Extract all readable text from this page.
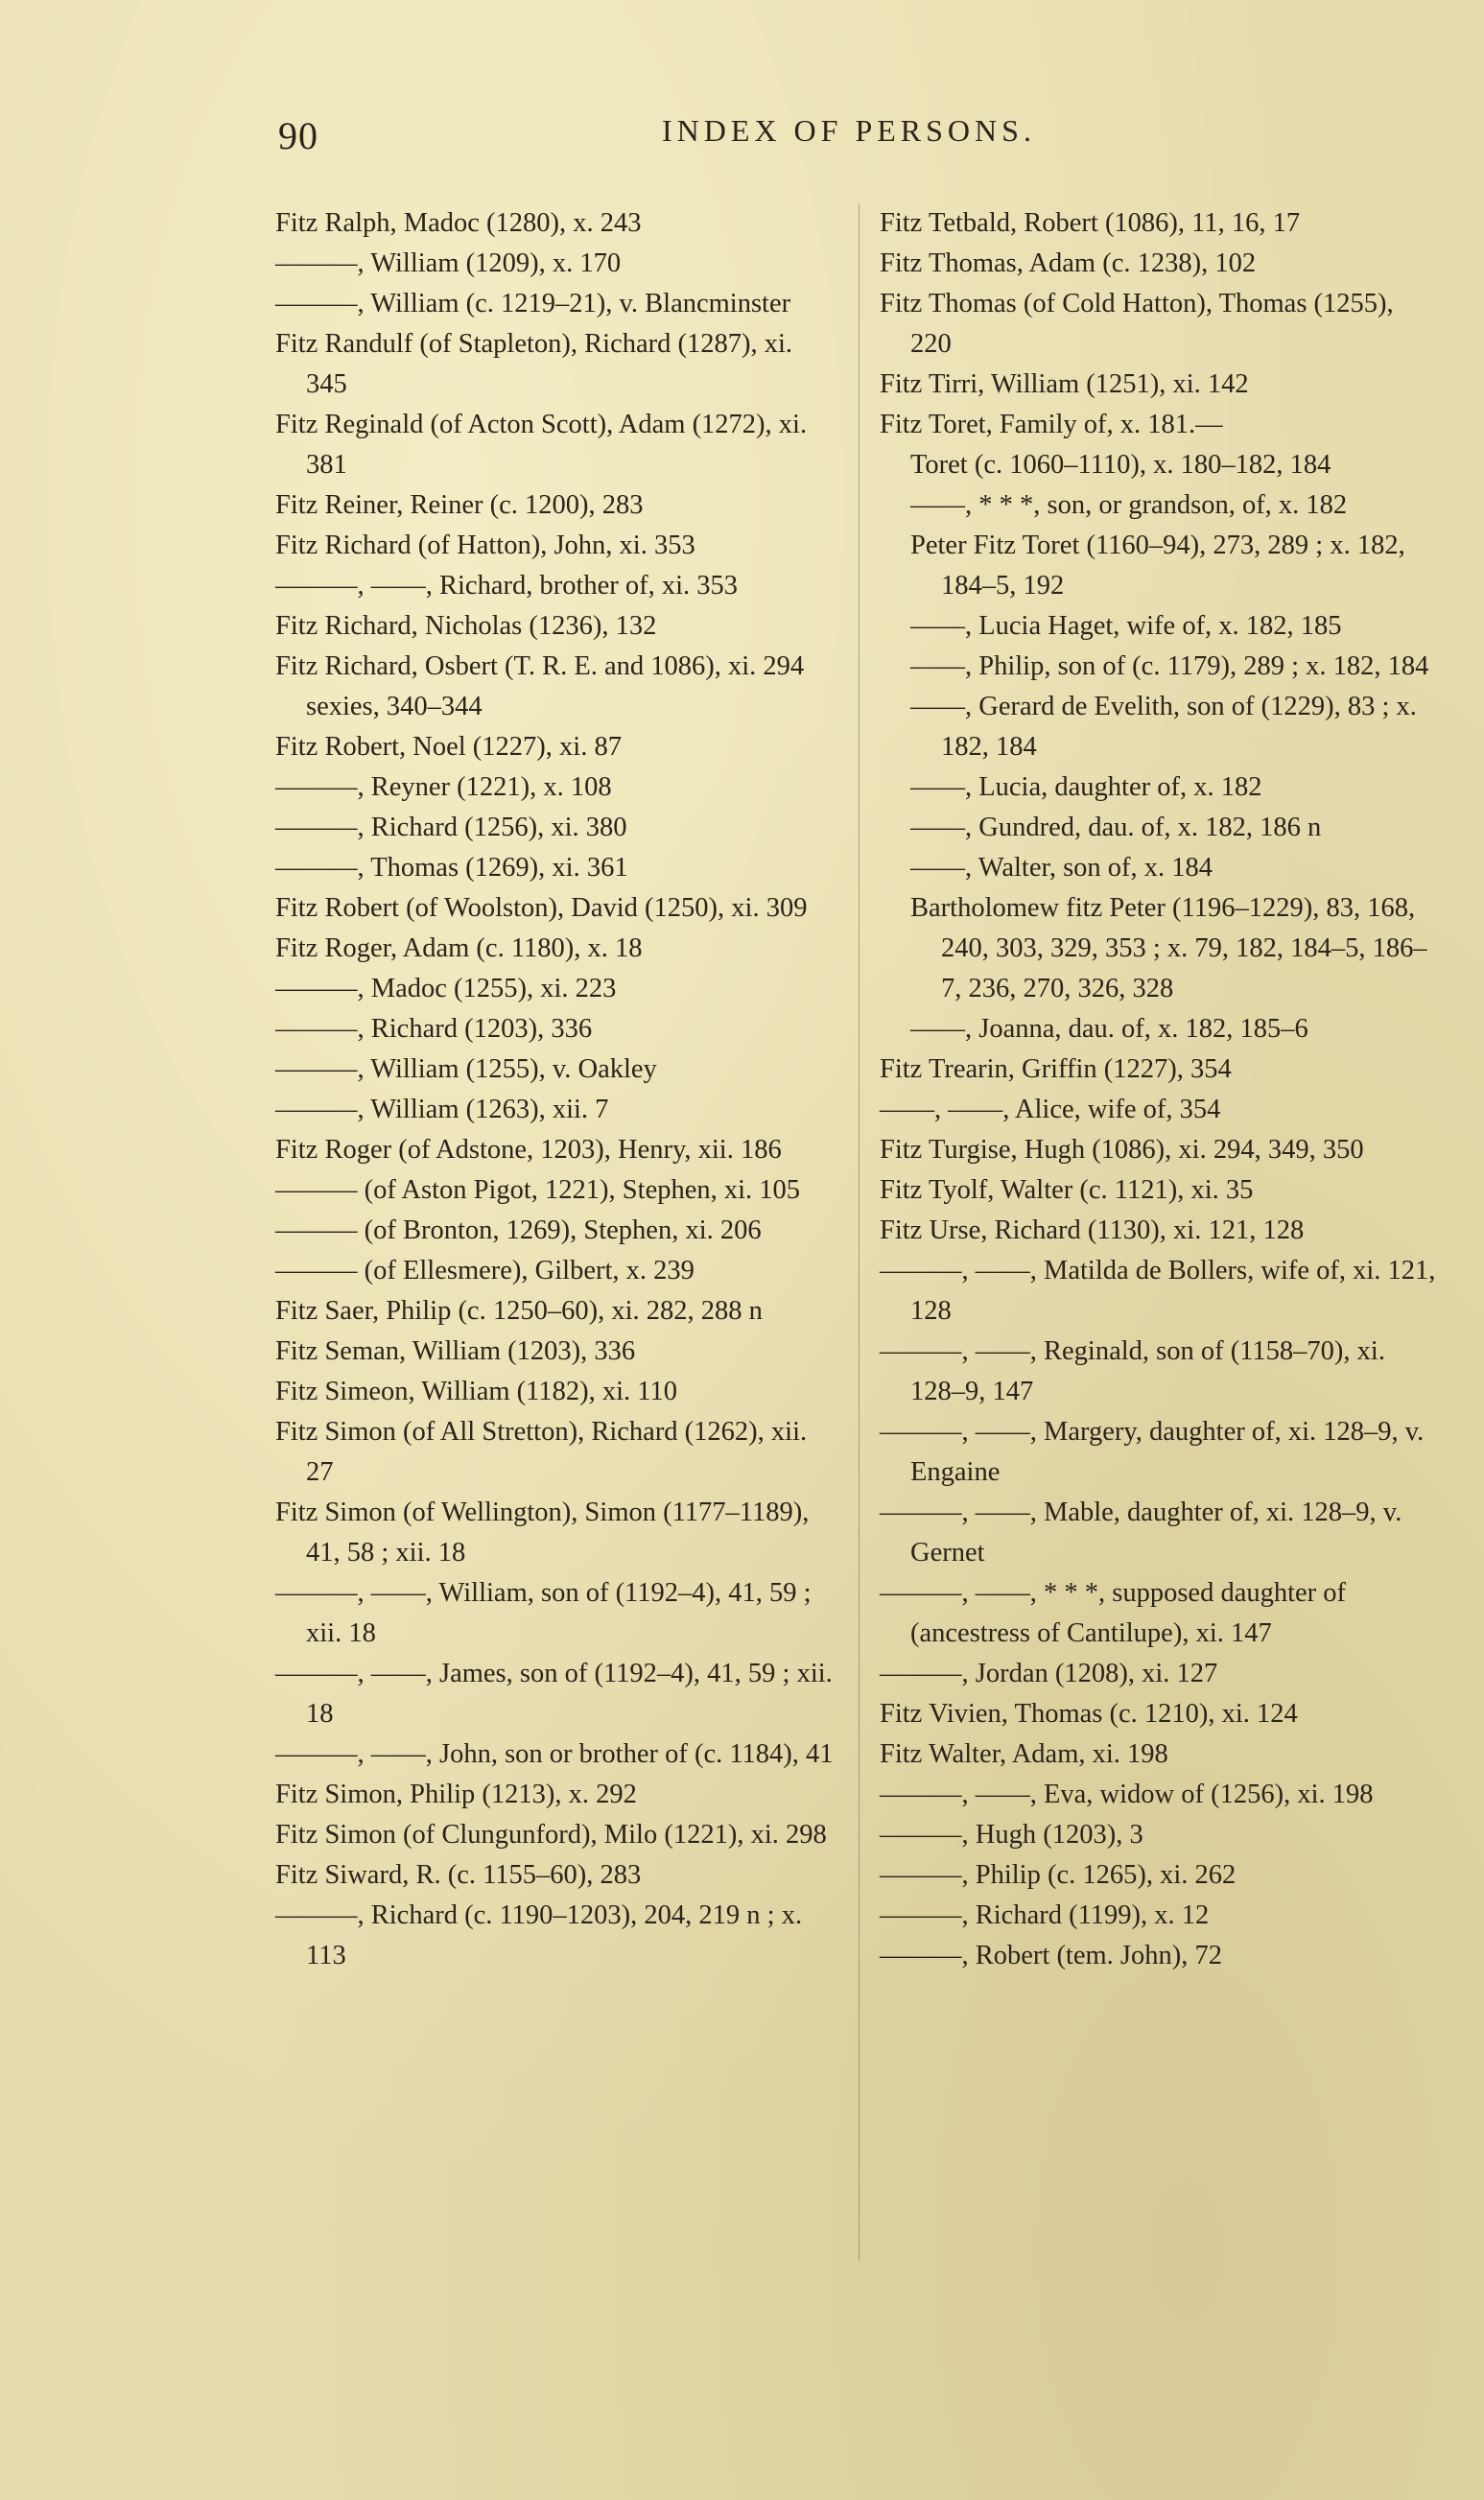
90	INDEX OF PERSONS.
Fitz Ralph, Madoc (1280), x. 243
———, William (1209), x. 170
———, William (c. 1219–21), v. Blancminster
Fitz Randulf (of Stapleton), Richard (1287), xi. 345
Fitz Reginald (of Acton Scott), Adam (1272), xi. 381
Fitz Reiner, Reiner (c. 1200), 283
Fitz Richard (of Hatton), John, xi. 353
———, ——, Richard, brother of, xi. 353
Fitz Richard, Nicholas (1236), 132
Fitz Richard, Osbert (T. R. E. and 1086), xi. 294 sexies, 340–344
Fitz Robert, Noel (1227), xi. 87
———, Reyner (1221), x. 108
———, Richard (1256), xi. 380
———, Thomas (1269), xi. 361
Fitz Robert (of Woolston), David (1250), xi. 309
Fitz Roger, Adam (c. 1180), x. 18
———, Madoc (1255), xi. 223
———, Richard (1203), 336
———, William (1255), v. Oakley
———, William (1263), xii. 7
Fitz Roger (of Adstone, 1203), Henry, xii. 186
——— (of Aston Pigot, 1221), Stephen, xi. 105
——— (of Bronton, 1269), Stephen, xi. 206
——— (of Ellesmere), Gilbert, x. 239
Fitz Saer, Philip (c. 1250–60), xi. 282, 288 n
Fitz Seman, William (1203), 336
Fitz Simeon, William (1182), xi. 110
Fitz Simon (of All Stretton), Richard (1262), xii. 27
Fitz Simon (of Wellington), Simon (1177–1189), 41, 58 ; xii. 18
———, ——, William, son of (1192–4), 41, 59 ; xii. 18
———, ——, James, son of (1192–4), 41, 59 ; xii. 18
———, ——, John, son or brother of (c. 1184), 41
Fitz Simon, Philip (1213), x. 292
Fitz Simon (of Clungunford), Milo (1221), xi. 298
Fitz Siward, R. (c. 1155–60), 283
———, Richard (c. 1190–1203), 204, 219 n ; x. 113
Fitz Tetbald, Robert (1086), 11, 16, 17
Fitz Thomas, Adam (c. 1238), 102
Fitz Thomas (of Cold Hatton), Thomas (1255), 220
Fitz Tirri, William (1251), xi. 142
Fitz Toret, Family of, x. 181.—
Toret (c. 1060–1110), x. 180–182, 184
——, * * *, son, or grandson, of, x. 182
Peter Fitz Toret (1160–94), 273, 289 ; x. 182, 184–5, 192
——, Lucia Haget, wife of, x. 182, 185
——, Philip, son of (c. 1179), 289 ; x. 182, 184
——, Gerard de Evelith, son of (1229), 83 ; x. 182, 184
——, Lucia, daughter of, x. 182
——, Gundred, dau. of, x. 182, 186 n
——, Walter, son of, x. 184
Bartholomew fitz Peter (1196–1229), 83, 168, 240, 303, 329, 353 ; x. 79, 182, 184–5, 186–7, 236, 270, 326, 328
——, Joanna, dau. of, x. 182, 185–6
Fitz Trearin, Griffin (1227), 354
——, ——, Alice, wife of, 354
Fitz Turgise, Hugh (1086), xi. 294, 349, 350
Fitz Tyolf, Walter (c. 1121), xi. 35
Fitz Urse, Richard (1130), xi. 121, 128
———, ——, Matilda de Bollers, wife of, xi. 121, 128
———, ——, Reginald, son of (1158–70), xi. 128–9, 147
———, ——, Margery, daughter of, xi. 128–9, v. Engaine
———, ——, Mable, daughter of, xi. 128–9, v. Gernet
———, ——, * * *, supposed daughter of (ancestress of Cantilupe), xi. 147
———, Jordan (1208), xi. 127
Fitz Vivien, Thomas (c. 1210), xi. 124
Fitz Walter, Adam, xi. 198
———, ——, Eva, widow of (1256), xi. 198
———, Hugh (1203), 3
———, Philip (c. 1265), xi. 262
———, Richard (1199), x. 12
———, Robert (tem. John), 72
